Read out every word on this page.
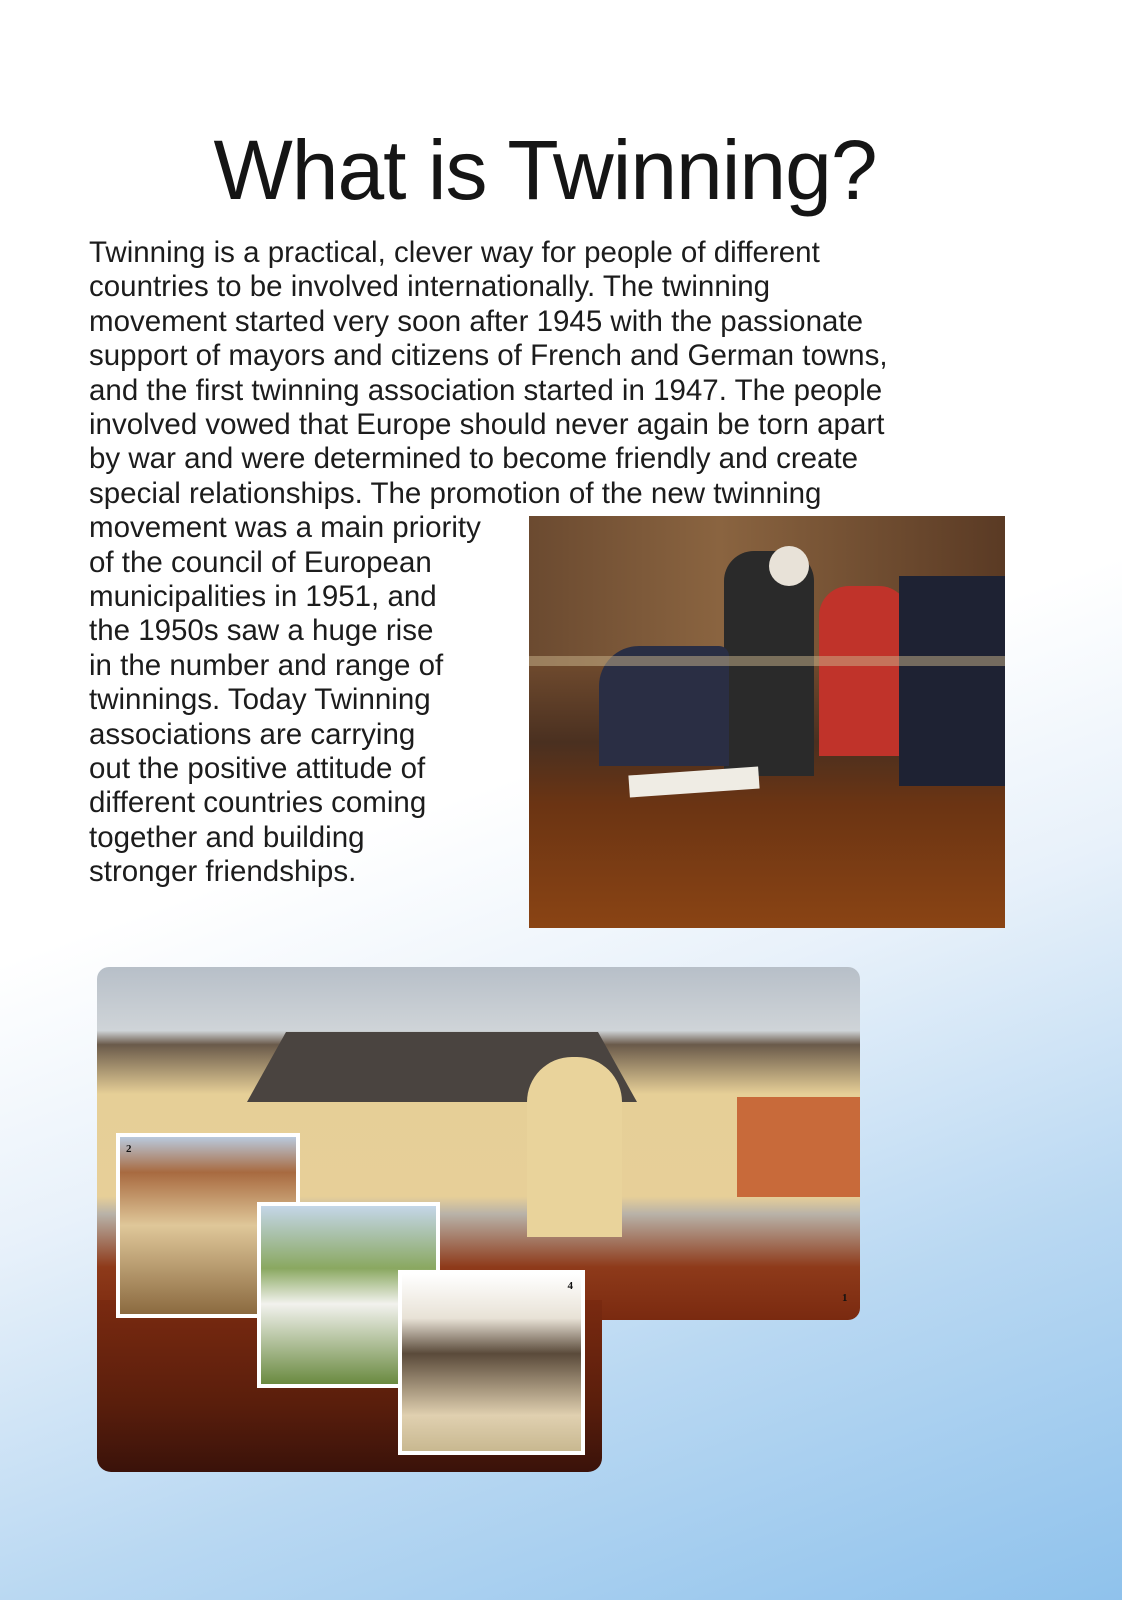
What is Twinning?
Twinning is a practical, clever way for people of different
countries to be involved internationally. The twinning
movement started very soon after 1945 with the passionate
support of mayors and citizens of French and German towns,
and the first twinning association started in 1947. The people
involved vowed that Europe should never again be torn apart
by war and were determined to become friendly and create
special relationships. The promotion of the new twinning
movement was a main priority
of the council of European
municipalities in 1951, and
the 1950s saw a huge rise
in the number and range of
twinnings. Today Twinning
associations are carrying
out the positive attitude of
different countries coming
together and building
stronger friendships.
1
2
4
